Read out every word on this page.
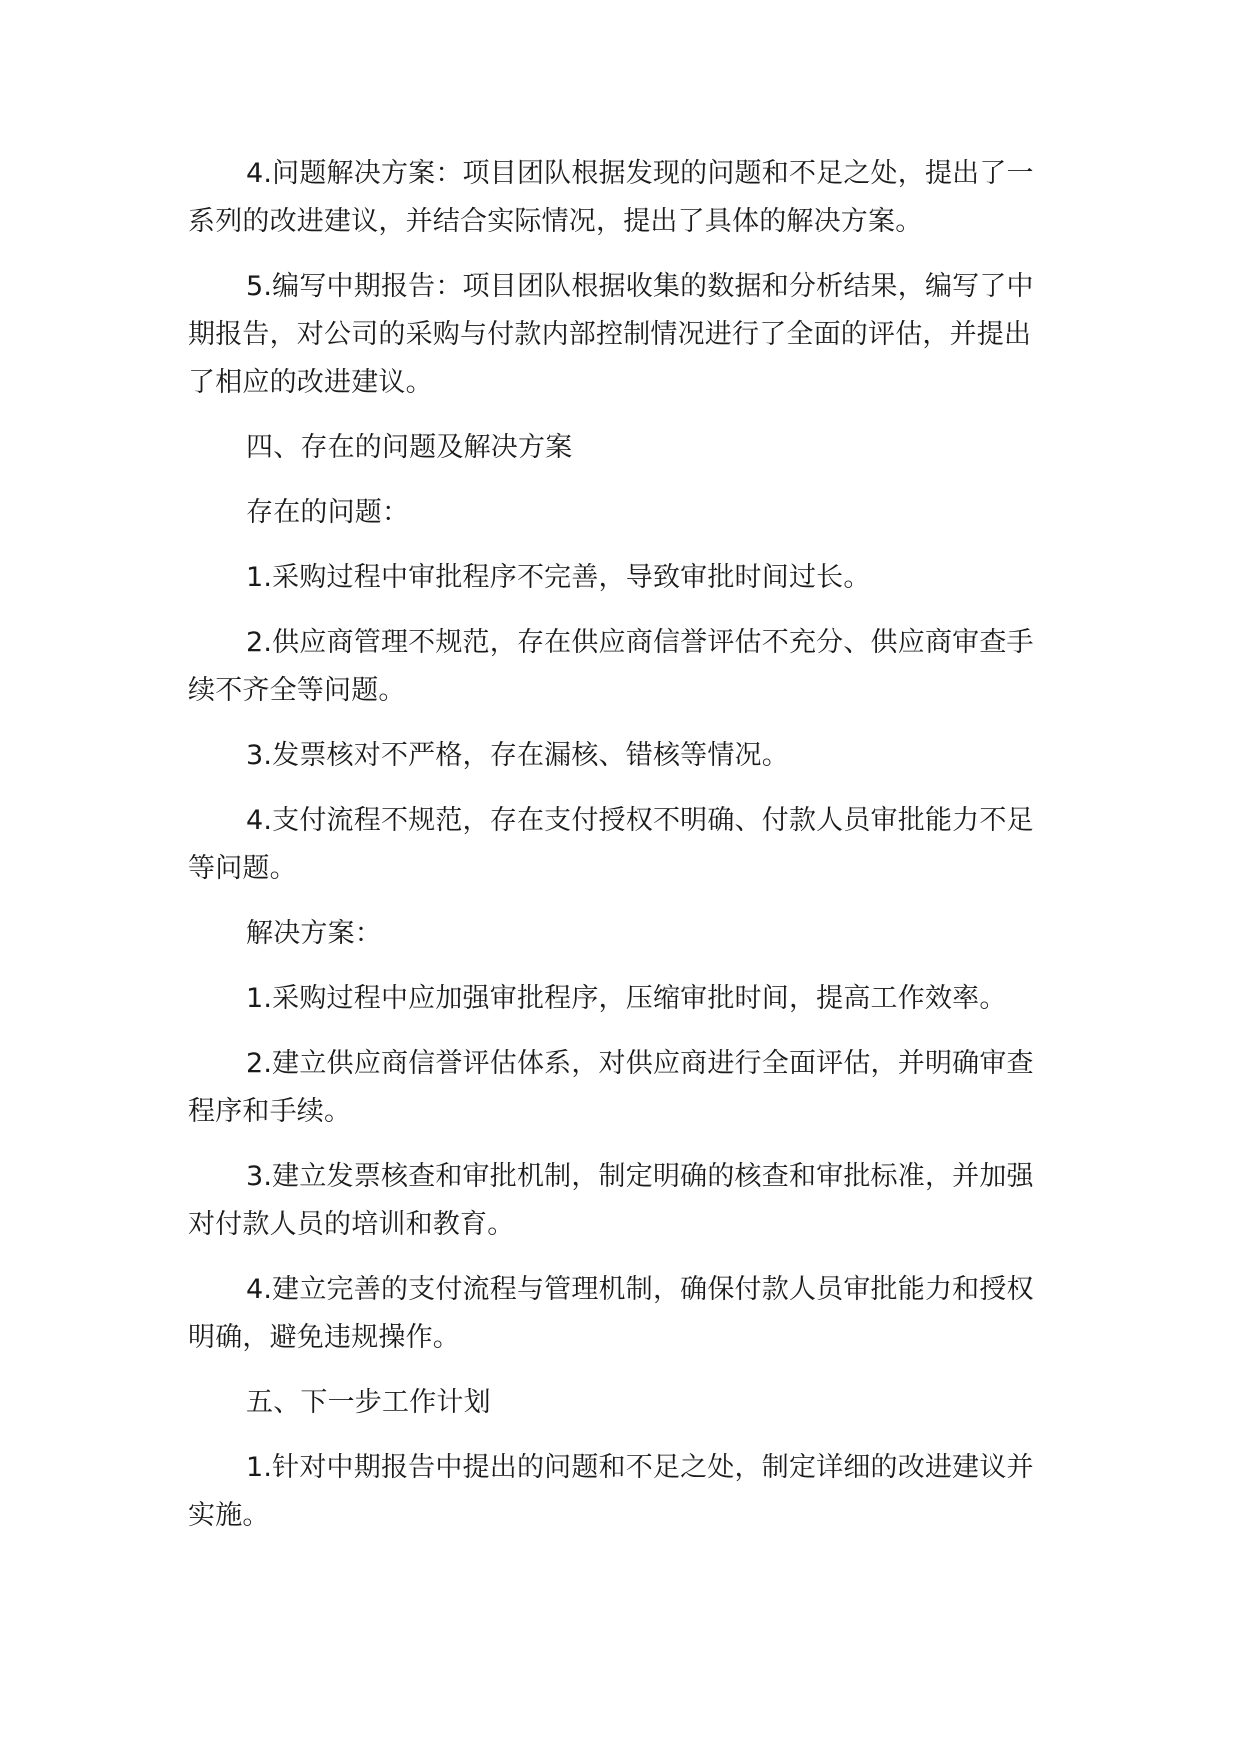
4.问题解决方案：项目团队根据发现的问题和不足之处，提出了一系列的改进建议，并结合实际情况，提出了具体的解决方案。

5.编写中期报告：项目团队根据收集的数据和分析结果，编写了中期报告，对公司的采购与付款内部控制情况进行了全面的评估，并提出了相应的改进建议。

四、存在的问题及解决方案

存在的问题：

1.采购过程中审批程序不完善，导致审批时间过长。

2.供应商管理不规范，存在供应商信誉评估不充分、供应商审查手续不齐全等问题。

3.发票核对不严格，存在漏核、错核等情况。

4.支付流程不规范，存在支付授权不明确、付款人员审批能力不足等问题。

解决方案：

1.采购过程中应加强审批程序，压缩审批时间，提高工作效率。

2.建立供应商信誉评估体系，对供应商进行全面评估，并明确审查程序和手续。

3.建立发票核查和审批机制，制定明确的核查和审批标准，并加强对付款人员的培训和教育。

4.建立完善的支付流程与管理机制，确保付款人员审批能力和授权明确，避免违规操作。

五、下一步工作计划

1.针对中期报告中提出的问题和不足之处，制定详细的改进建议并实施。
